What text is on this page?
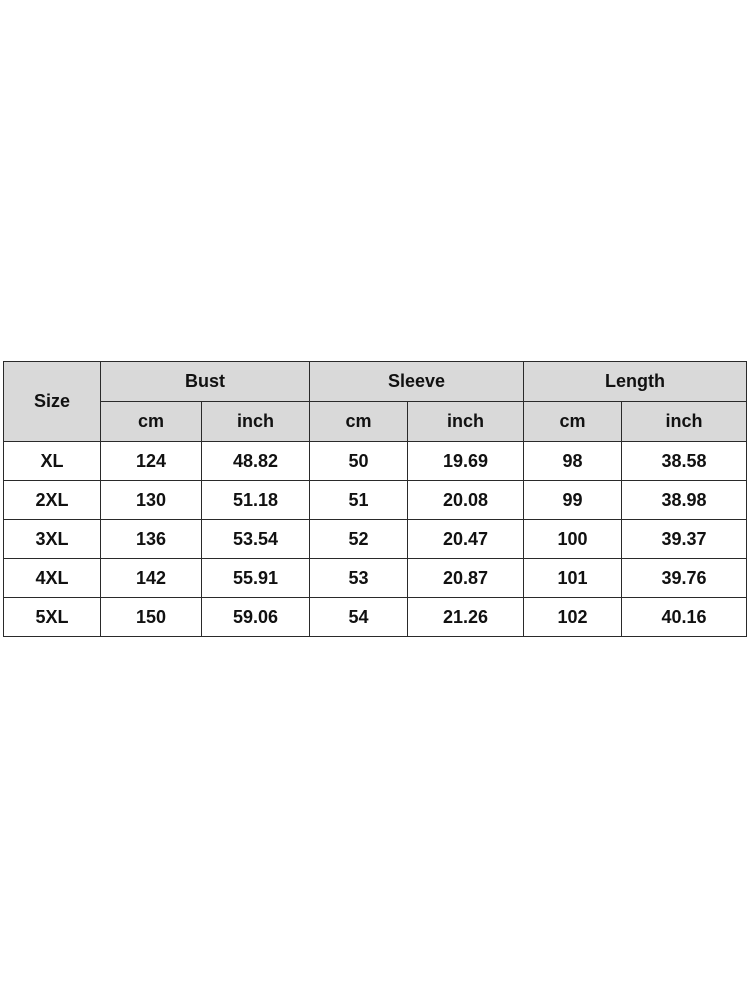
Size	Bust		Sleeve		Length	
	cm	inch	cm	inch	cm	inch
XL	124	48.82	50	19.69	98	38.58
2XL	130	51.18	51	20.08	99	38.98
3XL	136	53.54	52	20.47	100	39.37
4XL	142	55.91	53	20.87	101	39.76
5XL	150	59.06	54	21.26	102	40.16
